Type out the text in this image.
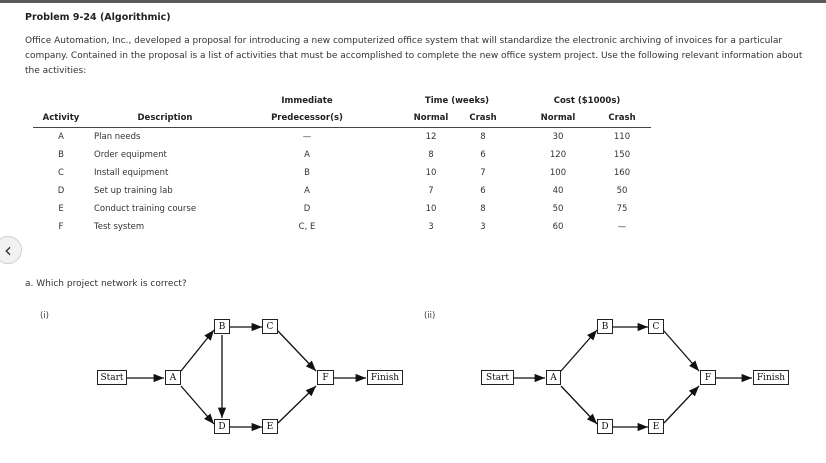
‹
Problem 9-24 (Algorithmic)
Office Automation, Inc., developed a proposal for introducing a new computerized office system that will standardize the electronic archiving of invoices for a particular company. Contained in the proposal is a list of activities that must be accomplished to complete the new office system project. Use the following relevant information about the activities:
		Immediate		Time (weeks)			Cost ($1000s)	
Activity	Description	Predecessor(s)		Normal	Crash		Normal	Crash
A	Plan needs	—		12	8		30	110
B	Order equipment	A		8	6		120	150
C	Install equipment	B		10	7		100	160
D	Set up training lab	A		7	6		40	50
E	Conduct training course	D		10	8		50	75
F	Test system	C, E		3	3		60	—
a. Which project network is correct?
(i)	(ii)
Start	A
B	C
D	E
F	Finish	Start	A
B	C
D	E
F	Finish
